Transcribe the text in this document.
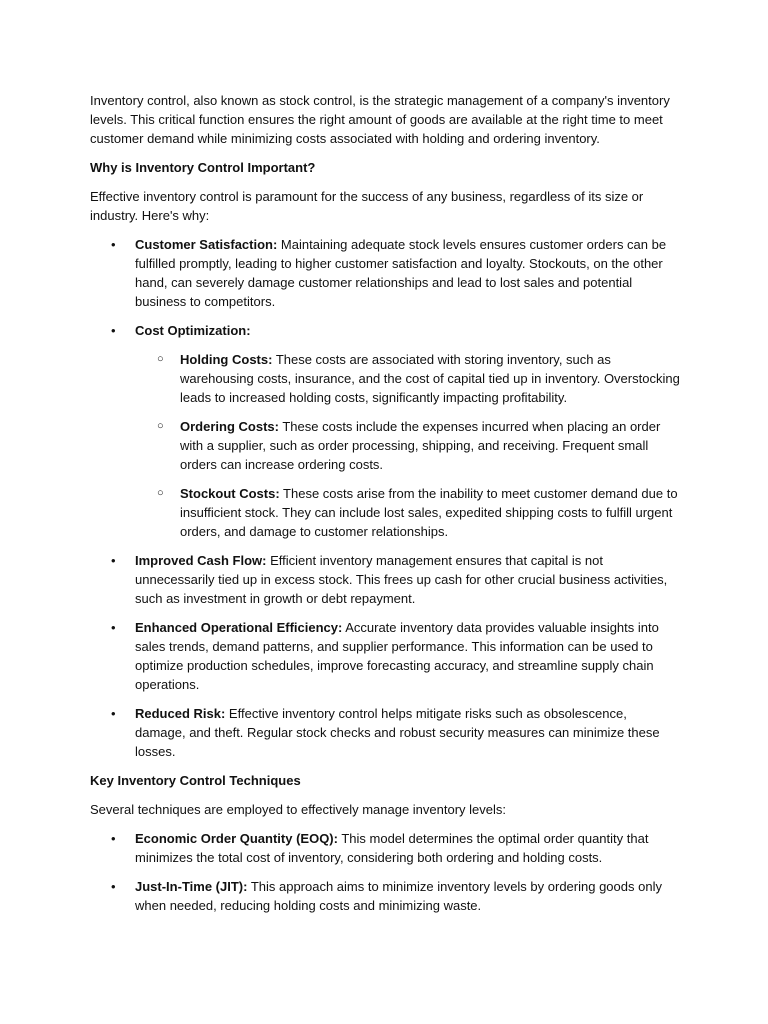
Inventory control, also known as stock control, is the strategic management of a company's inventory levels. This critical function ensures the right amount of goods are available at the right time to meet customer demand while minimizing costs associated with holding and ordering inventory.

Why is Inventory Control Important?

Effective inventory control is paramount for the success of any business, regardless of its size or industry. Here's why:

• Customer Satisfaction: Maintaining adequate stock levels ensures customer orders can be fulfilled promptly, leading to higher customer satisfaction and loyalty. Stockouts, on the other hand, can severely damage customer relationships and lead to lost sales and potential business to competitors.
• Cost Optimization:
○ Holding Costs: These costs are associated with storing inventory, such as warehousing costs, insurance, and the cost of capital tied up in inventory. Overstocking leads to increased holding costs, significantly impacting profitability.
○ Ordering Costs: These costs include the expenses incurred when placing an order with a supplier, such as order processing, shipping, and receiving. Frequent small orders can increase ordering costs.
○ Stockout Costs: These costs arise from the inability to meet customer demand due to insufficient stock. They can include lost sales, expedited shipping costs to fulfill urgent orders, and damage to customer relationships.
• Improved Cash Flow: Efficient inventory management ensures that capital is not unnecessarily tied up in excess stock. This frees up cash for other crucial business activities, such as investment in growth or debt repayment.
• Enhanced Operational Efficiency: Accurate inventory data provides valuable insights into sales trends, demand patterns, and supplier performance. This information can be used to optimize production schedules, improve forecasting accuracy, and streamline supply chain operations.
• Reduced Risk: Effective inventory control helps mitigate risks such as obsolescence, damage, and theft. Regular stock checks and robust security measures can minimize these losses.

Key Inventory Control Techniques

Several techniques are employed to effectively manage inventory levels:

• Economic Order Quantity (EOQ): This model determines the optimal order quantity that minimizes the total cost of inventory, considering both ordering and holding costs.
• Just-In-Time (JIT): This approach aims to minimize inventory levels by ordering goods only when needed, reducing holding costs and minimizing waste.
